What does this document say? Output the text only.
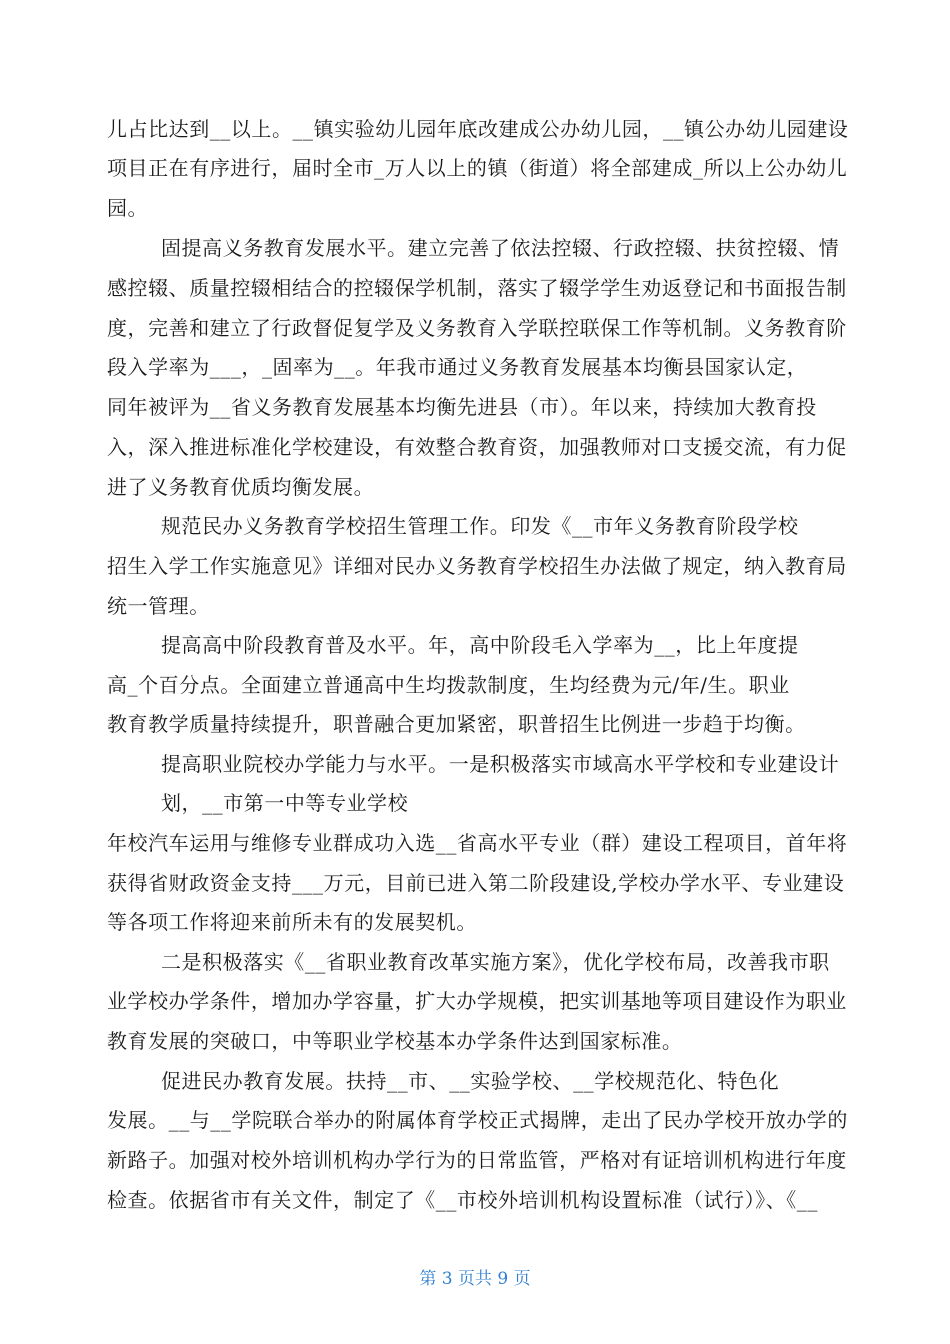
儿占比达到__以上。__镇实验幼儿园年底改建成公办幼儿园，__镇公办幼儿园建设
项目正在有序进行，届时全市_万人以上的镇（街道）将全部建成_所以上公办幼儿
园。
固提高义务教育发展水平。建立完善了依法控辍、行政控辍、扶贫控辍、情
感控辍、质量控辍相结合的控辍保学机制，落实了辍学学生劝返登记和书面报告制
度，完善和建立了行政督促复学及义务教育入学联控联保工作等机制。义务教育阶
段入学率为___，_固率为__。年我市通过义务教育发展基本均衡县国家认定，
同年被评为__省义务教育发展基本均衡先进县（市）。年以来，持续加大教育投
入，深入推进标准化学校建设，有效整合教育资，加强教师对口支援交流，有力促
进了义务教育优质均衡发展。
规范民办义务教育学校招生管理工作。印发《__市年义务教育阶段学校
招生入学工作实施意见》详细对民办义务教育学校招生办法做了规定，纳入教育局
统一管理。
提高高中阶段教育普及水平。年，高中阶段毛入学率为__，比上年度提
高_个百分点。全面建立普通高中生均拨款制度，生均经费为元/年/生。职业
教育教学质量持续提升，职普融合更加紧密，职普招生比例进一步趋于均衡。
提高职业院校办学能力与水平。一是积极落实市域高水平学校和专业建设计
划，__市第一中等专业学校
年校汽车运用与维修专业群成功入选__省高水平专业（群）建设工程项目，首年将
获得省财政资金支持___万元，目前已进入第二阶段建设,学校办学水平、专业建设
等各项工作将迎来前所未有的发展契机。
二是积极落实《__省职业教育改革实施方案》，优化学校布局，改善我市职
业学校办学条件，增加办学容量，扩大办学规模，把实训基地等项目建设作为职业
教育发展的突破口，中等职业学校基本办学条件达到国家标准。
促进民办教育发展。扶持__市、__实验学校、__学校规范化、特色化
发展。__与__学院联合举办的附属体育学校正式揭牌，走出了民办学校开放办学的
新路子。加强对校外培训机构办学行为的日常监管，严格对有证培训机构进行年度
检查。依据省市有关文件，制定了《__市校外培训机构设置标准（试行）》、《__
第 3 页共 9 页
